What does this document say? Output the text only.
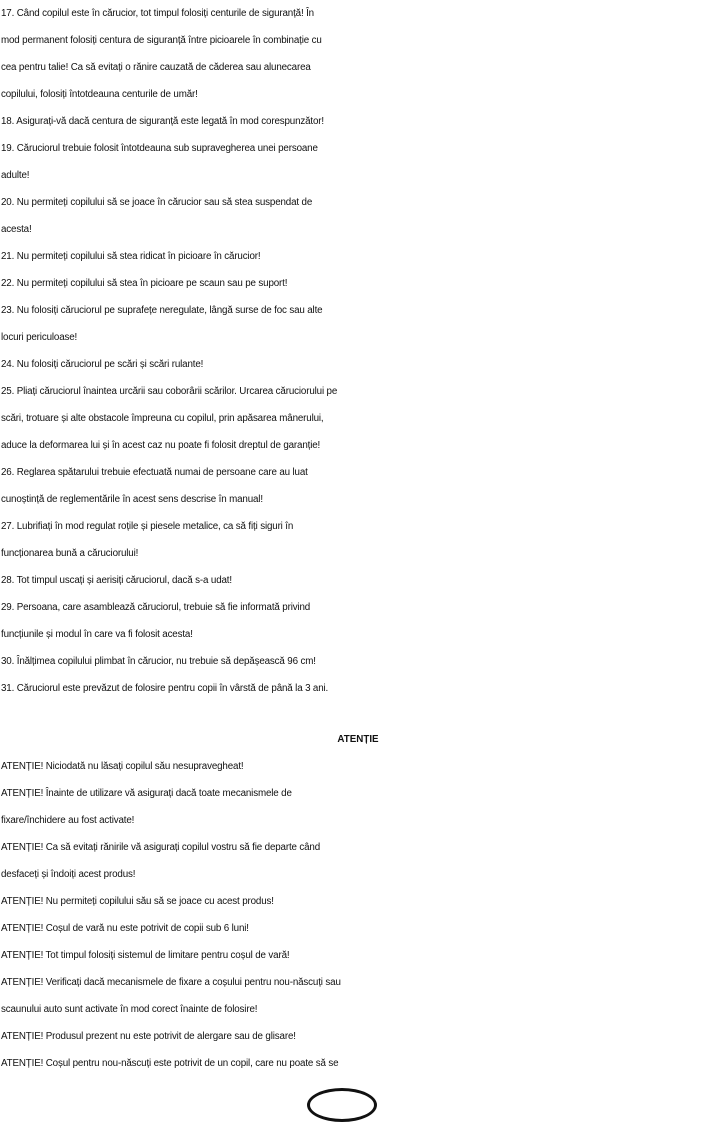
17. Când copilul este în cărucior, tot timpul folosiți centurile de siguranță! În

mod permanent folosiți centura de siguranță între picioarele în combinație cu

cea pentru talie! Ca să evitați o rănire cauzată de căderea sau alunecarea

copilului, folosiți întotdeauna centurile de umăr!

18. Asigurați-vă dacă centura de siguranță este legată în mod corespunzător!

19. Căruciorul trebuie folosit întotdeauna sub supravegherea unei persoane

adulte!

20. Nu permiteți copilului să se joace în cărucior sau să stea suspendat de

acesta!

21. Nu permiteți copilului să stea ridicat în picioare în cărucior!

22. Nu permiteți copilului să stea în picioare pe scaun sau pe suport!

23. Nu folosiți căruciorul pe suprafețe neregulate, lângă surse de foc sau alte

locuri periculoase!

24. Nu folosiți căruciorul pe scări și scări rulante!

25. Pliați căruciorul înaintea urcării sau coborârii scărilor. Urcarea căruciorului pe

scări, trotuare și alte obstacole împreuna cu copilul, prin apăsarea mânerului,

aduce la deformarea lui și în acest caz nu poate fi folosit dreptul de garanție!

26. Reglarea spătarului trebuie efectuată numai de persoane care au luat

cunoștință de reglementările în acest sens descrise în manual!

27. Lubrifiați în mod regulat roțile și piesele metalice, ca să fiți siguri în

funcționarea bună a căruciorului!

28. Tot timpul uscați și aerisiți căruciorul, dacă s-a udat!

29. Persoana, care asamblează căruciorul, trebuie să fie informată privind

funcțiunile și modul în care va fi folosit acesta!

30. Înălțimea copilului plimbat în cărucior, nu trebuie să depășească 96 cm!

31. Căruciorul este prevăzut de folosire pentru copii în vârstă de până la 3 ani.

ATENȚIE

ATENȚIE! Niciodată nu lăsați copilul său nesupravegheat!

ATENȚIE! Înainte de utilizare vă asigurați dacă toate mecanismele de

fixare/închidere au fost activate!

ATENȚIE! Ca să evitați rănirile vă asigurați copilul vostru să fie departe când

desfaceți și îndoiți acest produs!

ATENȚIE! Nu permiteți copilului său să se joace cu acest produs!

ATENȚIE! Coșul de vară nu este potrivit de copii sub 6 luni!

ATENȚIE! Tot timpul folosiți sistemul de limitare pentru coșul de vară!

ATENȚIE! Verificați dacă mecanismele de fixare a coșului pentru nou-născuți sau

scaunului auto sunt activate în mod corect înainte de folosire!

ATENȚIE! Produsul prezent nu este potrivit de alergare sau de glisare!

ATENȚIE! Coșul pentru nou-născuți este potrivit de un copil, care nu poate să se
